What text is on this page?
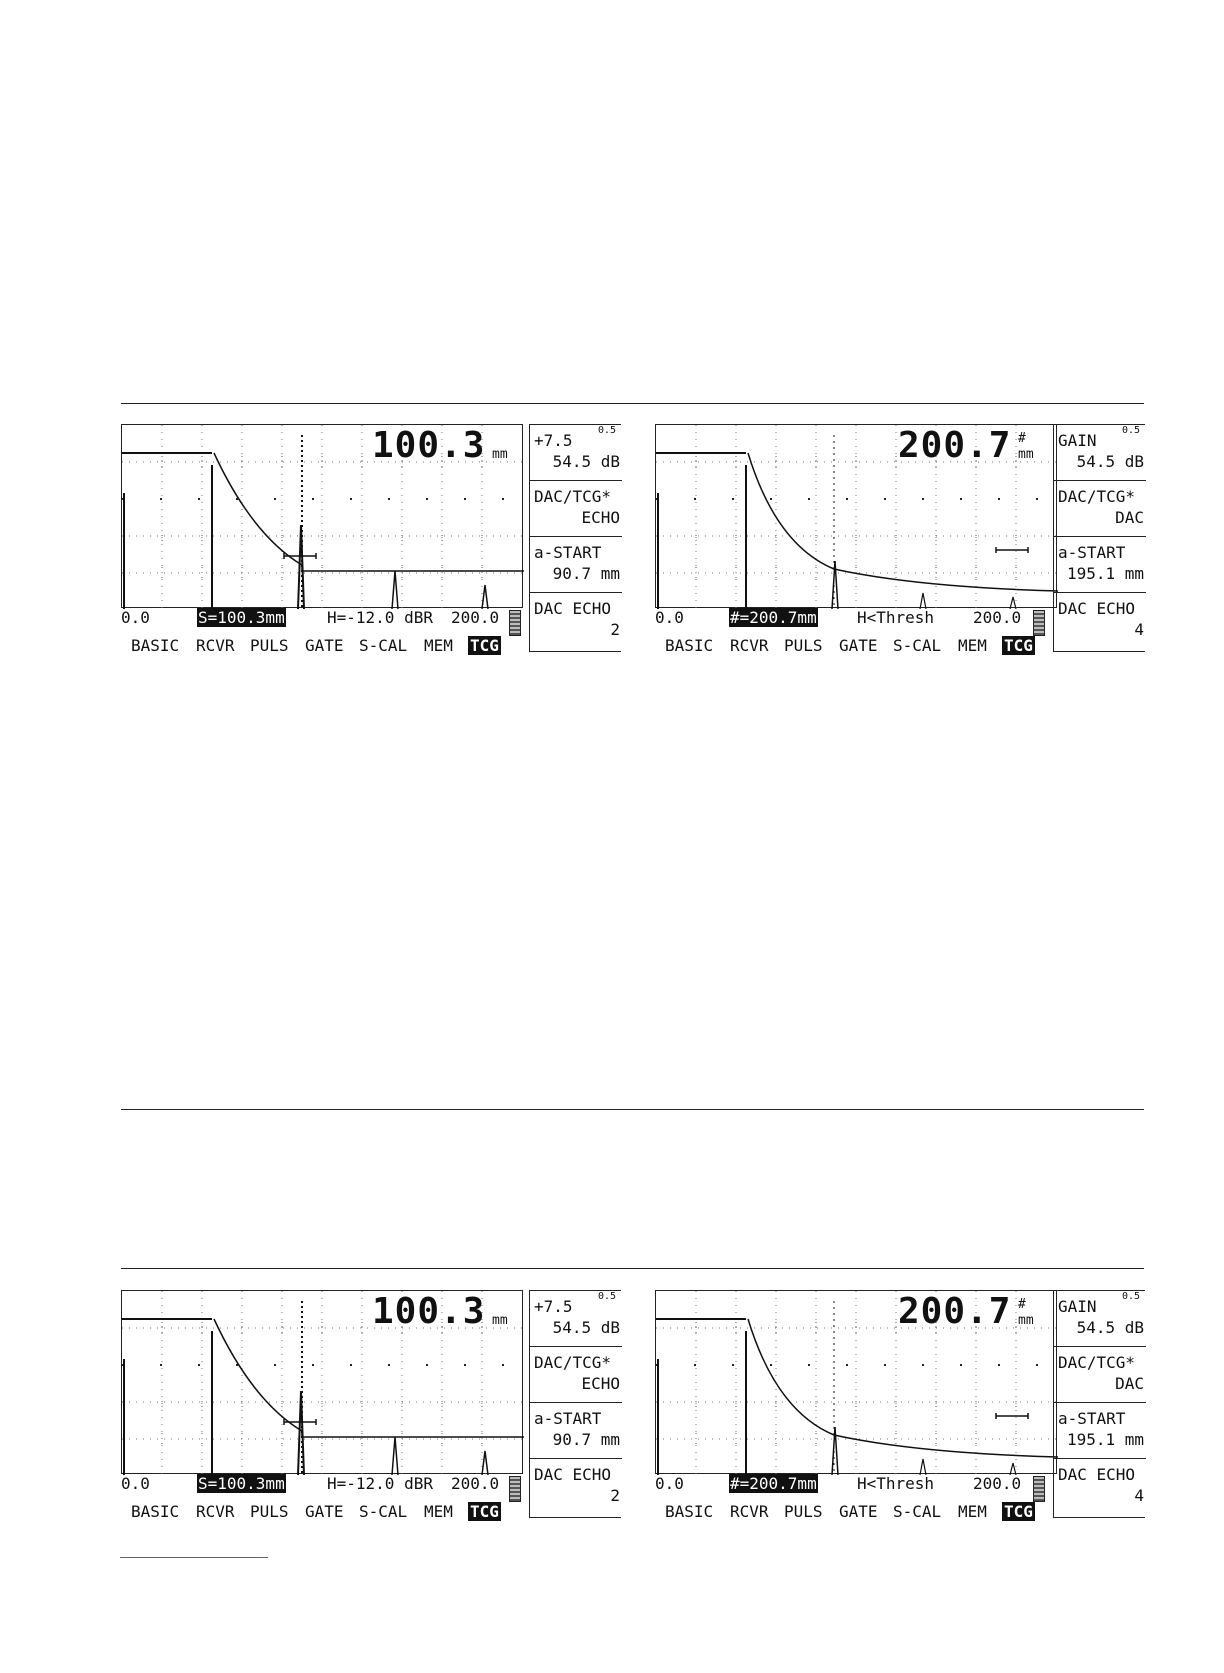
100.3 mm

0.0

	S=100.3mm

	H=-12.0 dBR

200.0

BASIC

RCVR

PULS

GATE

S-CAL

MEM

TCG

+7.5
0.5
54.5 dB
DAC/TCG*
ECHO
a-START
90.7 mm
DAC ECHO
2
200.7 #
mm

0.0

	#=200.7mm

	H<Thresh

200.0

BASIC

RCVR

PULS

GATE

S-CAL

MEM

TCG

GAIN
0.5
54.5 dB
DAC/TCG*
DAC
a-START
195.1 mm
DAC ECHO
4
100.3 mm

0.0

	S=100.3mm

	H=-12.0 dBR

200.0

BASIC

RCVR

PULS

GATE

S-CAL

MEM

TCG

+7.5
0.5
54.5 dB
DAC/TCG*
ECHO
a-START
90.7 mm
DAC ECHO
2
200.7 #
mm

0.0

	#=200.7mm

	H<Thresh

200.0

BASIC

RCVR

PULS

GATE

S-CAL

MEM

TCG

GAIN
0.5
54.5 dB
DAC/TCG*
DAC
a-START
195.1 mm
DAC ECHO
4
